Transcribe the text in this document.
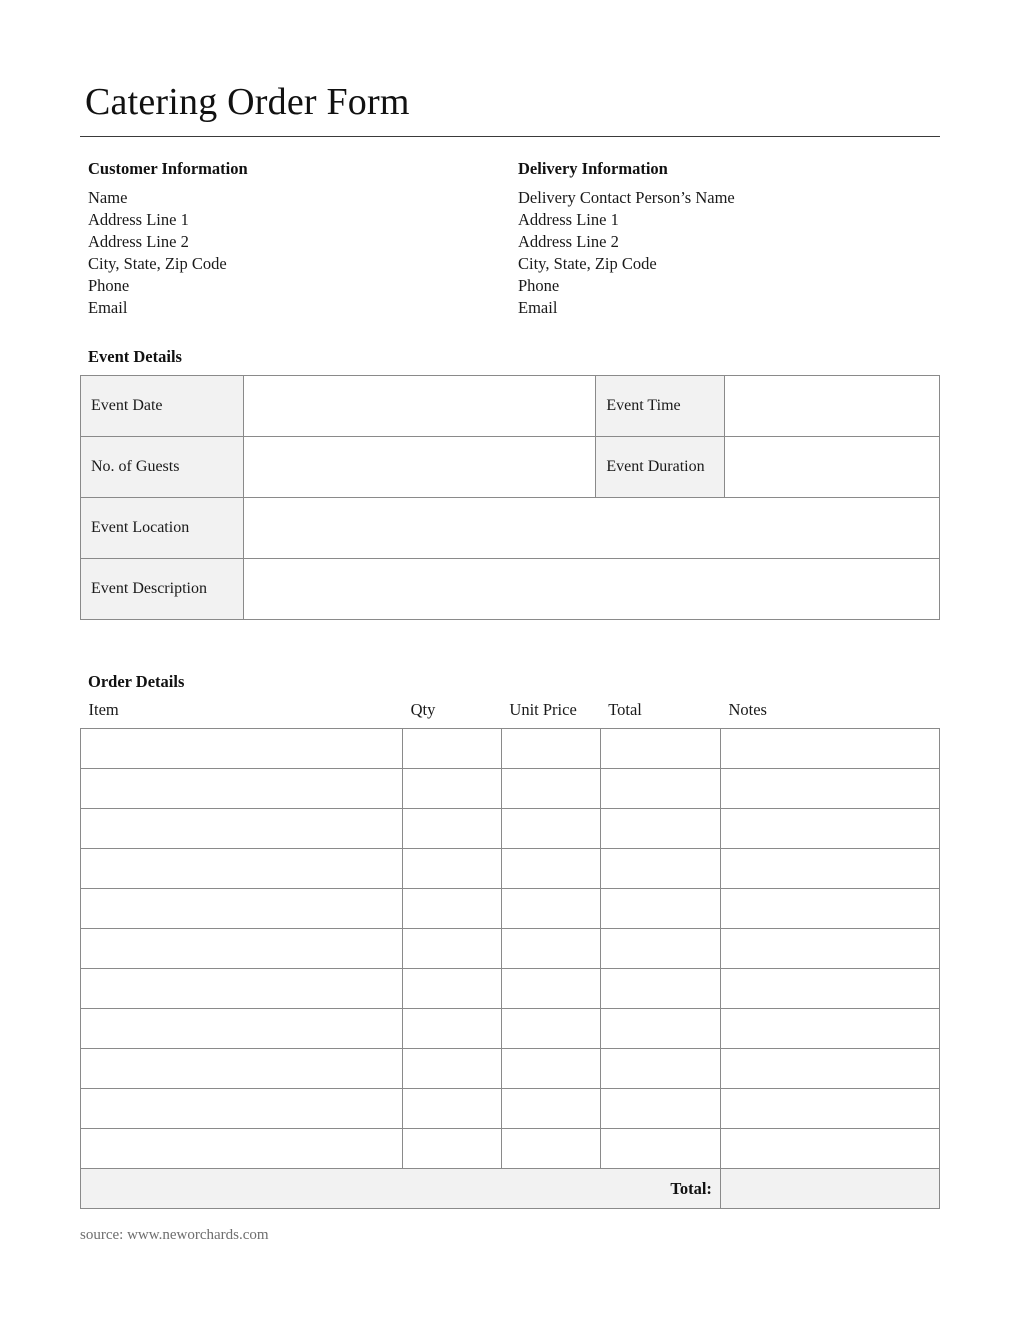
Catering Order Form
Customer Information
Name
Address Line 1
Address Line 2
City, State, Zip Code
Phone
Email
Delivery Information
Delivery Contact Person’s Name
Address Line 1
Address Line 2
City, State, Zip Code
Phone
Email
Event Details
Event Date		Event Time	
No. of Guests		Event Duration	
Event Location			
Event Description			
Order Details
Item	Qty	Unit Price	Total	Notes

Total:				
source: www.neworchards.com
